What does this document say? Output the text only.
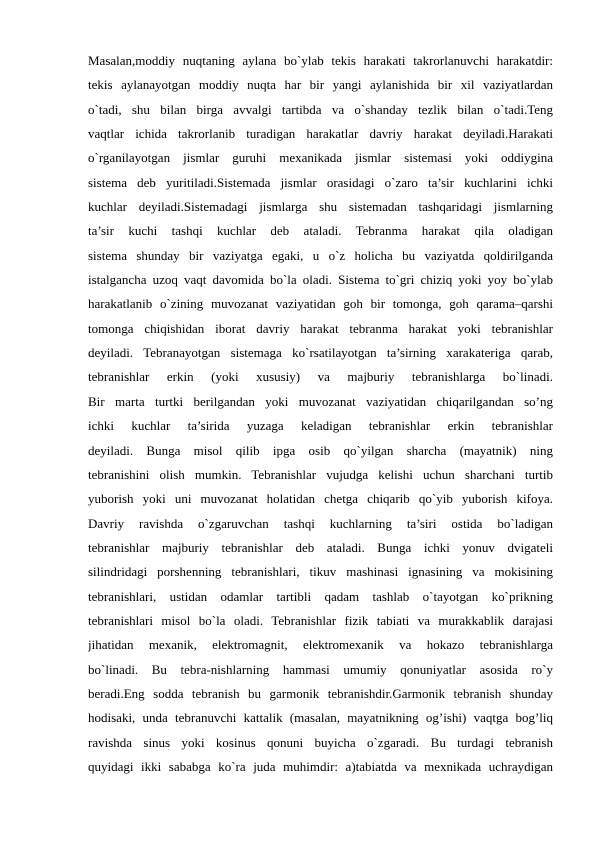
Masalan,moddiy nuqtaning aylana bo`ylab tekis harakati takrorlanuvchi harakatdir:
tekis aylanayotgan moddiy nuqta har bir yangi aylanishida bir xil vaziyatlardan
o`tadi, shu bilan birga avvalgi tartibda va o`shanday tezlik bilan o`tadi.Teng
vaqtlar ichida takrorlanib turadigan harakatlar davriy harakat deyiladi.Harakati
o`rganilayotgan jismlar guruhi mexanikada jismlar sistemasi yoki oddiygina
sistema deb yuritiladi.Sistemada jismlar orasidagi o`zaro ta’sir kuchlarini ichki
kuchlar deyiladi.Sistemadagi jismlarga shu sistemadan tashqaridagi jismlarning
ta’sir kuchi tashqi kuchlar deb ataladi. Tebranma harakat qila oladigan
sistema shunday bir vaziyatga egaki, u o`z holicha bu vaziyatda qoldirilganda
istalgancha uzoq vaqt davomida bo`la oladi. Sistema to`gri chiziq yoki yoy bo`ylab
harakatlanib o`zining muvozanat vaziyatidan goh bir tomonga, goh qarama–qarshi
tomonga chiqishidan iborat davriy harakat tebranma harakat yoki tebranishlar
deyiladi. Tebranayotgan sistemaga ko`rsatilayotgan ta’sirning xarakateriga qarab,
tebranishlar erkin (yoki xususiy) va majburiy tebranishlarga bo`linadi.
Bir marta turtki berilgandan yoki muvozanat vaziyatidan chiqarilgandan so’ng
ichki kuchlar ta’sirida yuzaga keladigan tebranishlar erkin tebranishlar
deyiladi. Bunga misol qilib ipga osib qo`yilgan sharcha (mayatnik) ning
tebranishini olish mumkin. Tebranishlar vujudga kelishi uchun sharchani turtib
yuborish yoki uni muvozanat holatidan chetga chiqarib qo`yib yuborish kifoya.
Davriy ravishda o`zgaruvchan tashqi kuchlarning ta’siri ostida bo`ladigan
tebranishlar majburiy tebranishlar deb ataladi. Bunga ichki yonuv dvigateli
silindridagi porshenning tebranishlari, tikuv mashinasi ignasining va mokisining
tebranishlari, ustidan odamlar tartibli qadam tashlab o`tayotgan ko`prikning
tebranishlari misol bo`la oladi. Tebranishlar fizik tabiati va murakkablik darajasi
jihatidan mexanik, elektromagnit, elektromexanik va hokazo tebranishlarga
bo`linadi. Bu tebra-nishlarning hammasi umumiy qonuniyatlar asosida ro`y
beradi.Eng sodda tebranish bu garmonik tebranishdir.Garmonik tebranish shunday
hodisaki, unda tebranuvchi kattalik (masalan, mayatnikning og’ishi) vaqtga bog’liq
ravishda sinus yoki kosinus qonuni buyicha o`zgaradi. Bu turdagi tebranish
quyidagi ikki sababga ko`ra juda muhimdir: a)tabiatda va mexnikada uchraydigan
